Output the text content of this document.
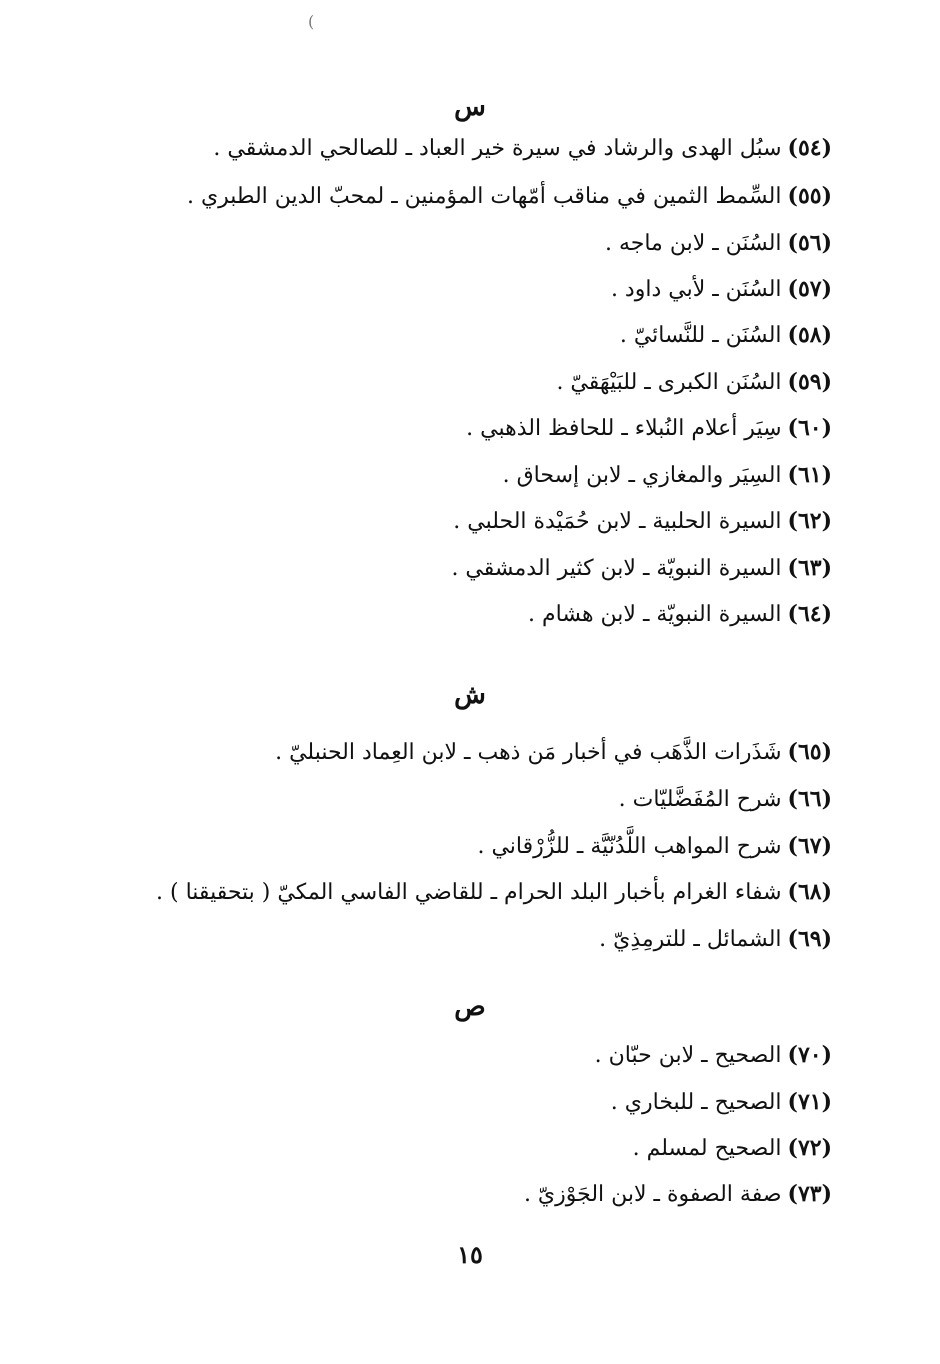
(
س
(٥٤)سبُل الهدى والرشاد في سيرة خير العباد ـ للصالحي الدمشقي .
(٥٥)السِّمط الثمين في مناقب أمّهات المؤمنين ـ لمحبّ الدين الطبري .
(٥٦)السُنَن ـ لابن ماجه .
(٥٧)السُنَن ـ لأبي داود .
(٥٨)السُنَن ـ للنَّسائيّ .
(٥٩)السُنَن الكبرى ـ للبَيْهَقيّ .
(٦٠)سِيَر أعلام النُبلاء ـ للحافظ الذهبي .
(٦١)السِيَر والمغازي ـ لابن إسحاق .
(٦٢)السيرة الحلبية ـ لابن حُمَيْدة الحلبي .
(٦٣)السيرة النبويّة ـ لابن كثير الدمشقي .
(٦٤)السيرة النبويّة ـ لابن هشام .
ش
(٦٥)شَذَرات الذَّهَب في أخبار مَن ذهب ـ لابن العِماد الحنبليّ .
(٦٦)شرح المُفَضَّليّات .
(٦٧)شرح المواهب اللَّدُنّيَّة ـ للزُّرْقاني .
(٦٨)شفاء الغرام بأخبار البلد الحرام ـ للقاضي الفاسي المكيّ ( بتحقيقنا ) .
(٦٩)الشمائل ـ للترمِذِيّ .
ص
(٧٠)الصحيح ـ لابن حبّان .
(٧١)الصحيح ـ للبخاري .
(٧٢)الصحيح لمسلم .
(٧٣)صفة الصفوة ـ لابن الجَوْزيّ .
١٥
